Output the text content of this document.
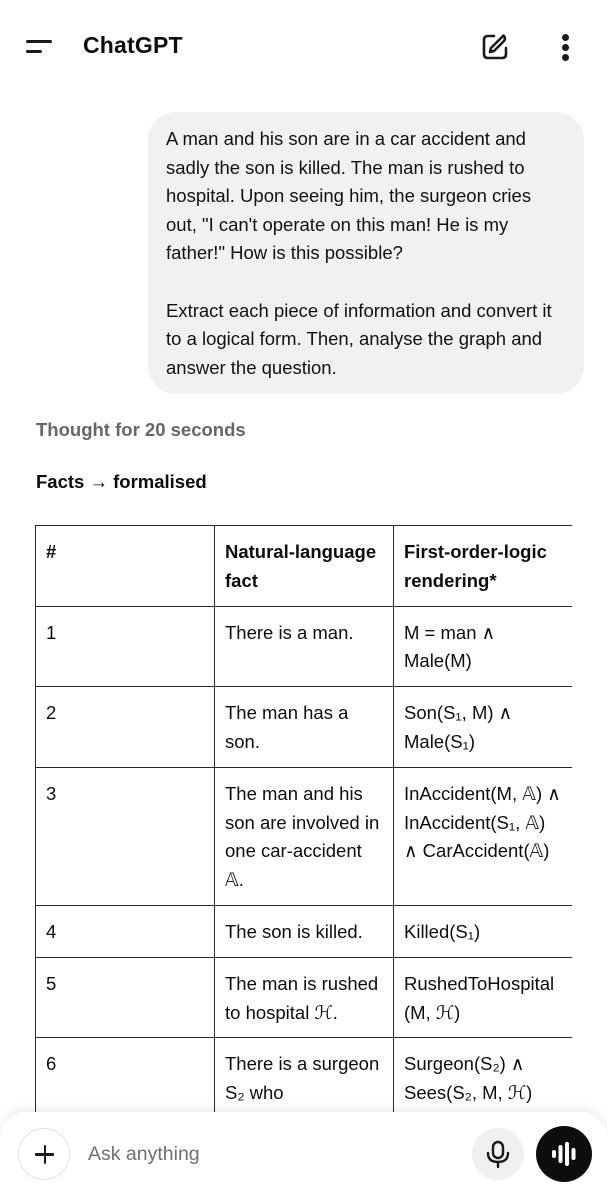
ChatGPT

A man and his son are in a car accident and sadly the son is killed. The man is rushed to hospital. Upon seeing him, the surgeon cries out, "I can't operate on this man! He is my father!" How is this possible?

Extract each piece of information and convert it to a logical form. Then, analyse the graph and answer the question.

Thought for 20 seconds
Facts → formalised
#	Natural-language fact	First-order-logic rendering*
1	There is a man.	M = man ∧ Male(M)
2	The man has a son.	Son(S₁, M) ∧ Male(S₁)
3	The man and his son are involved in one car-accident 𝔸.	InAccident(M, 𝔸) ∧ InAccident(S₁, 𝔸) ∧ CarAccident(𝔸)
4	The son is killed.	Killed(S₁)
5	The man is rushed to hospital ℋ.	RushedToHospital(M, ℋ)
6	There is a surgeon S₂ who	Surgeon(S₂) ∧ Sees(S₂, M, ℋ)
Ask anything
